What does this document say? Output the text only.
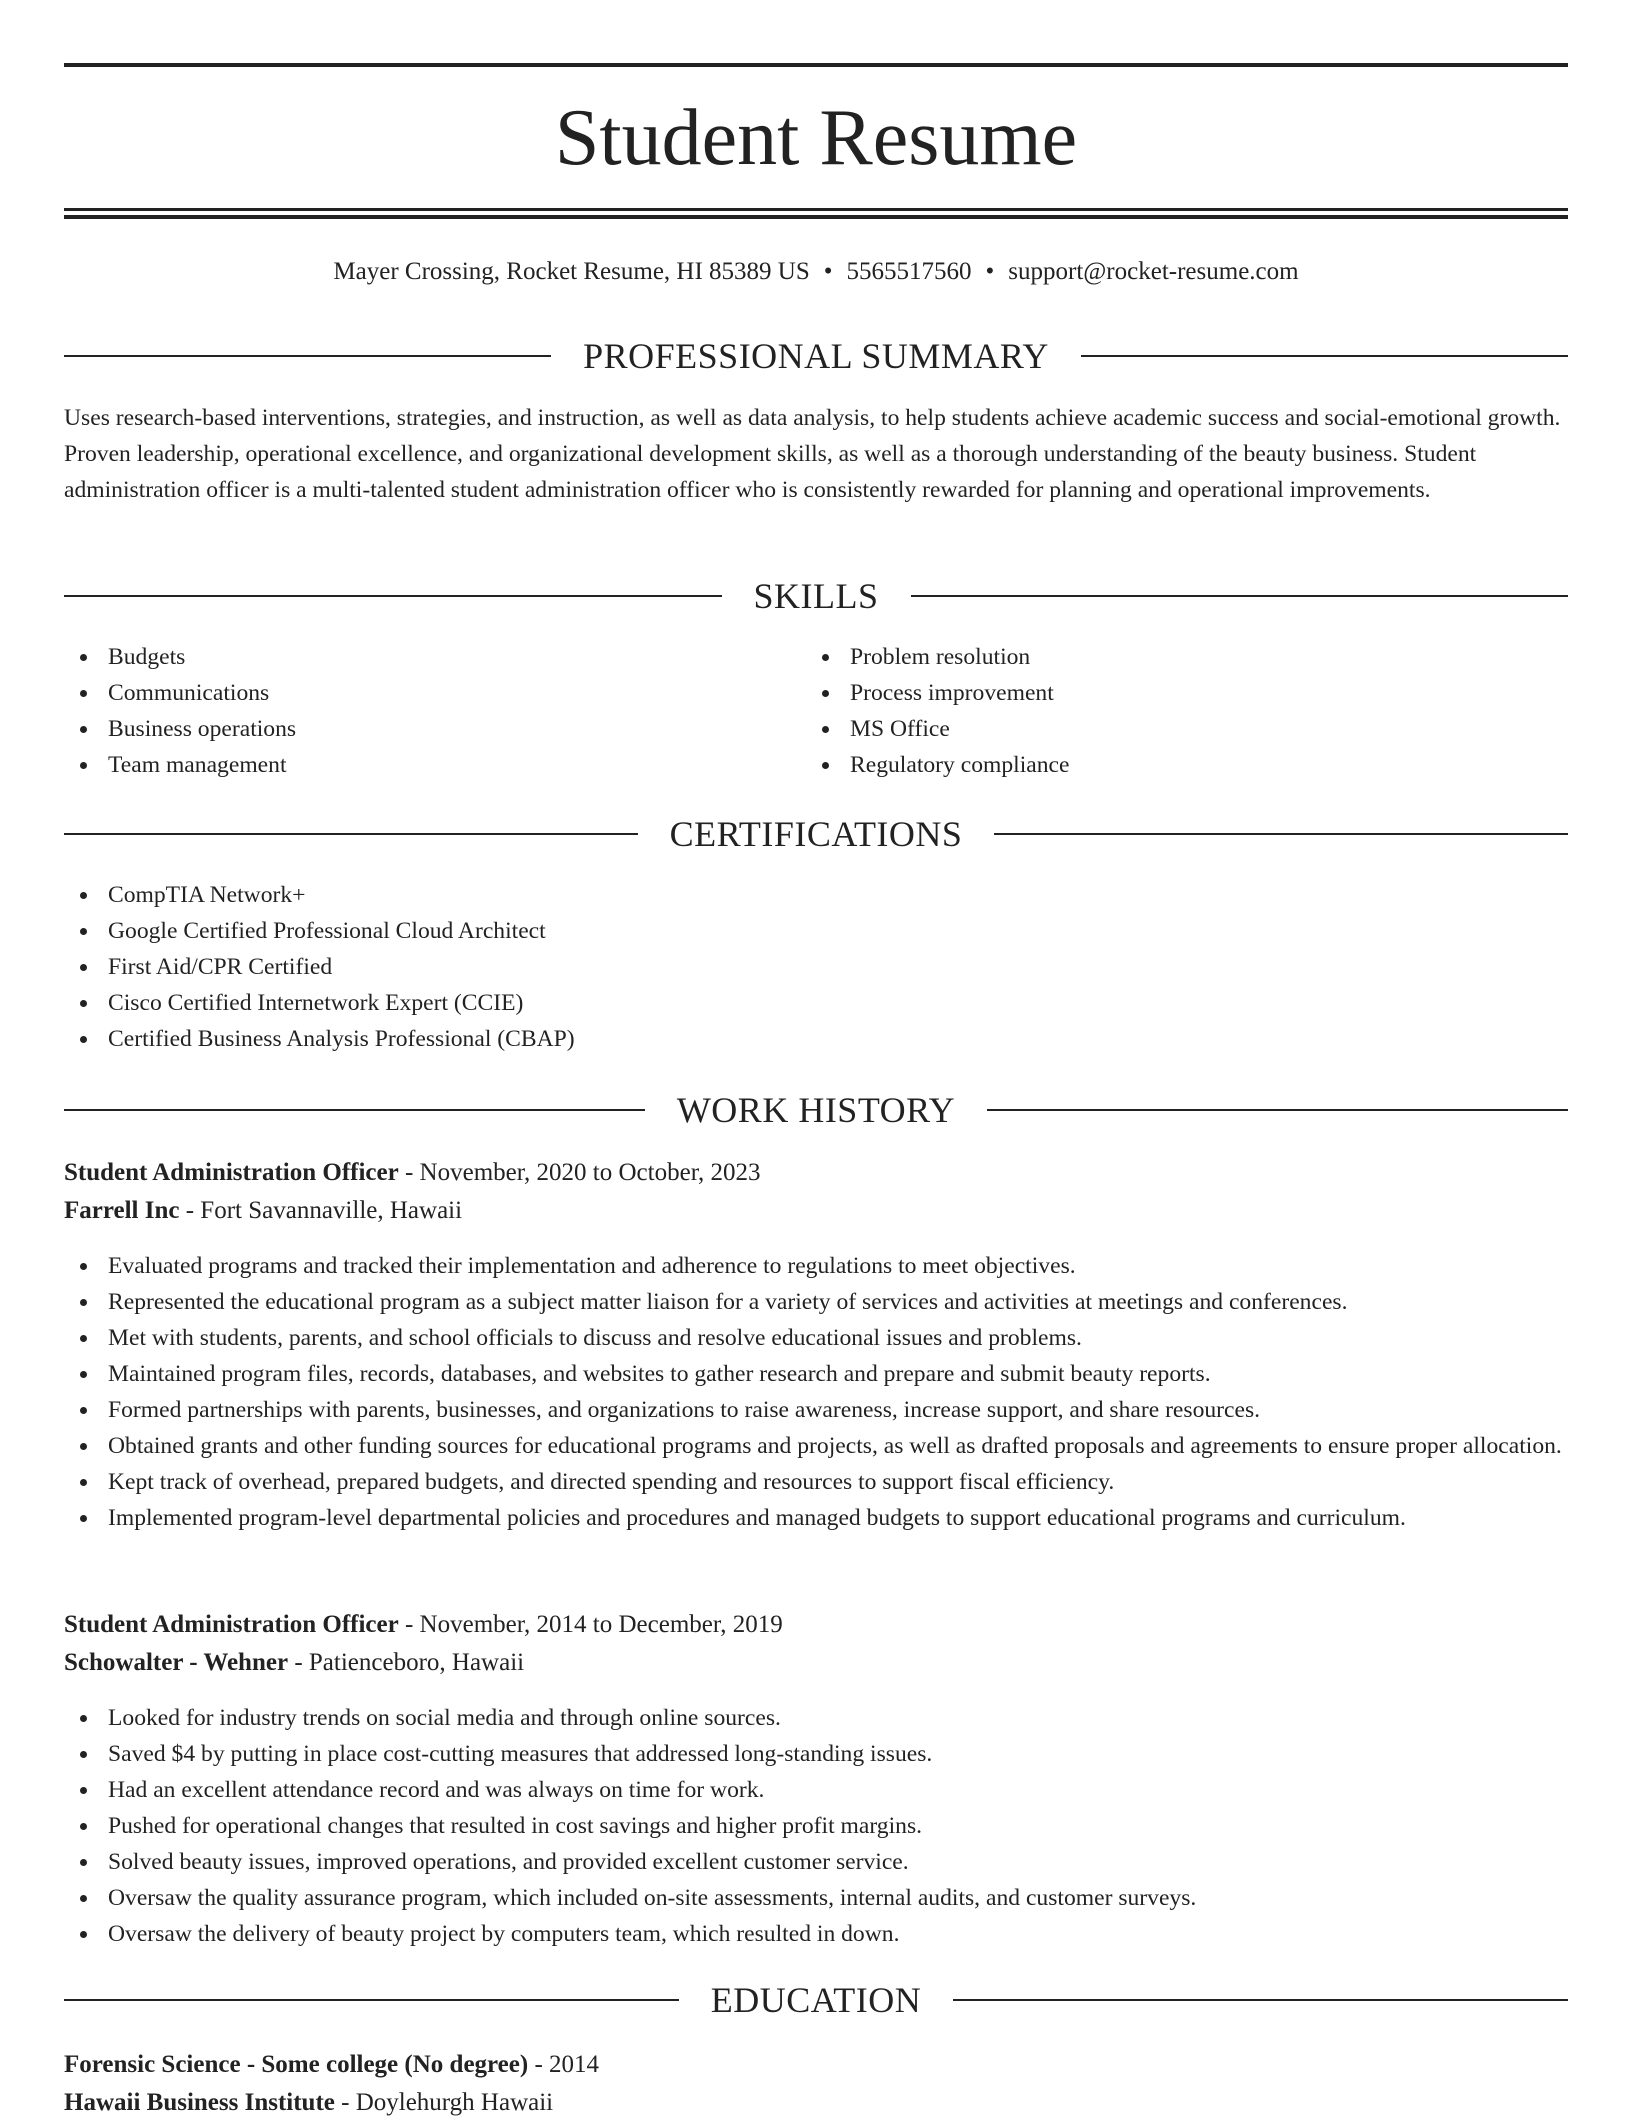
Student Resume
Mayer Crossing, Rocket Resume, HI 85389 US • 5565517560 • support@rocket-resume.com
PROFESSIONAL SUMMARY

Uses research-based interventions, strategies, and instruction, as well as data analysis, to help students achieve academic success and social-emotional growth. Proven leadership, operational excellence, and organizational development skills, as well as a thorough understanding of the beauty business. Student administration officer is a multi-talented student administration officer who is consistently rewarded for planning and operational improvements.

SKILLS
Budgets
Communications
Business operations
Team management
Problem resolution
Process improvement
MS Office
Regulatory compliance
CERTIFICATIONS
CompTIA Network+
Google Certified Professional Cloud Architect
First Aid/CPR Certified
Cisco Certified Internetwork Expert (CCIE)
Certified Business Analysis Professional (CBAP)
WORK HISTORY
Student Administration Officer - November, 2020 to October, 2023
Farrell Inc - Fort Savannaville, Hawaii
Evaluated programs and tracked their implementation and adherence to regulations to meet objectives.
Represented the educational program as a subject matter liaison for a variety of services and activities at meetings and conferences.
Met with students, parents, and school officials to discuss and resolve educational issues and problems.
Maintained program files, records, databases, and websites to gather research and prepare and submit beauty reports.
Formed partnerships with parents, businesses, and organizations to raise awareness, increase support, and share resources.
Obtained grants and other funding sources for educational programs and projects, as well as drafted proposals and agreements to ensure proper allocation.
Kept track of overhead, prepared budgets, and directed spending and resources to support fiscal efficiency.
Implemented program-level departmental policies and procedures and managed budgets to support educational programs and curriculum.
Student Administration Officer - November, 2014 to December, 2019
Schowalter - Wehner - Patienceboro, Hawaii
Looked for industry trends on social media and through online sources.
Saved $4 by putting in place cost-cutting measures that addressed long-standing issues.
Had an excellent attendance record and was always on time for work.
Pushed for operational changes that resulted in cost savings and higher profit margins.
Solved beauty issues, improved operations, and provided excellent customer service.
Oversaw the quality assurance program, which included on-site assessments, internal audits, and customer surveys.
Oversaw the delivery of beauty project by computers team, which resulted in down.
EDUCATION
Forensic Science - Some college (No degree) - 2014
Hawaii Business Institute - Doylehurgh Hawaii
